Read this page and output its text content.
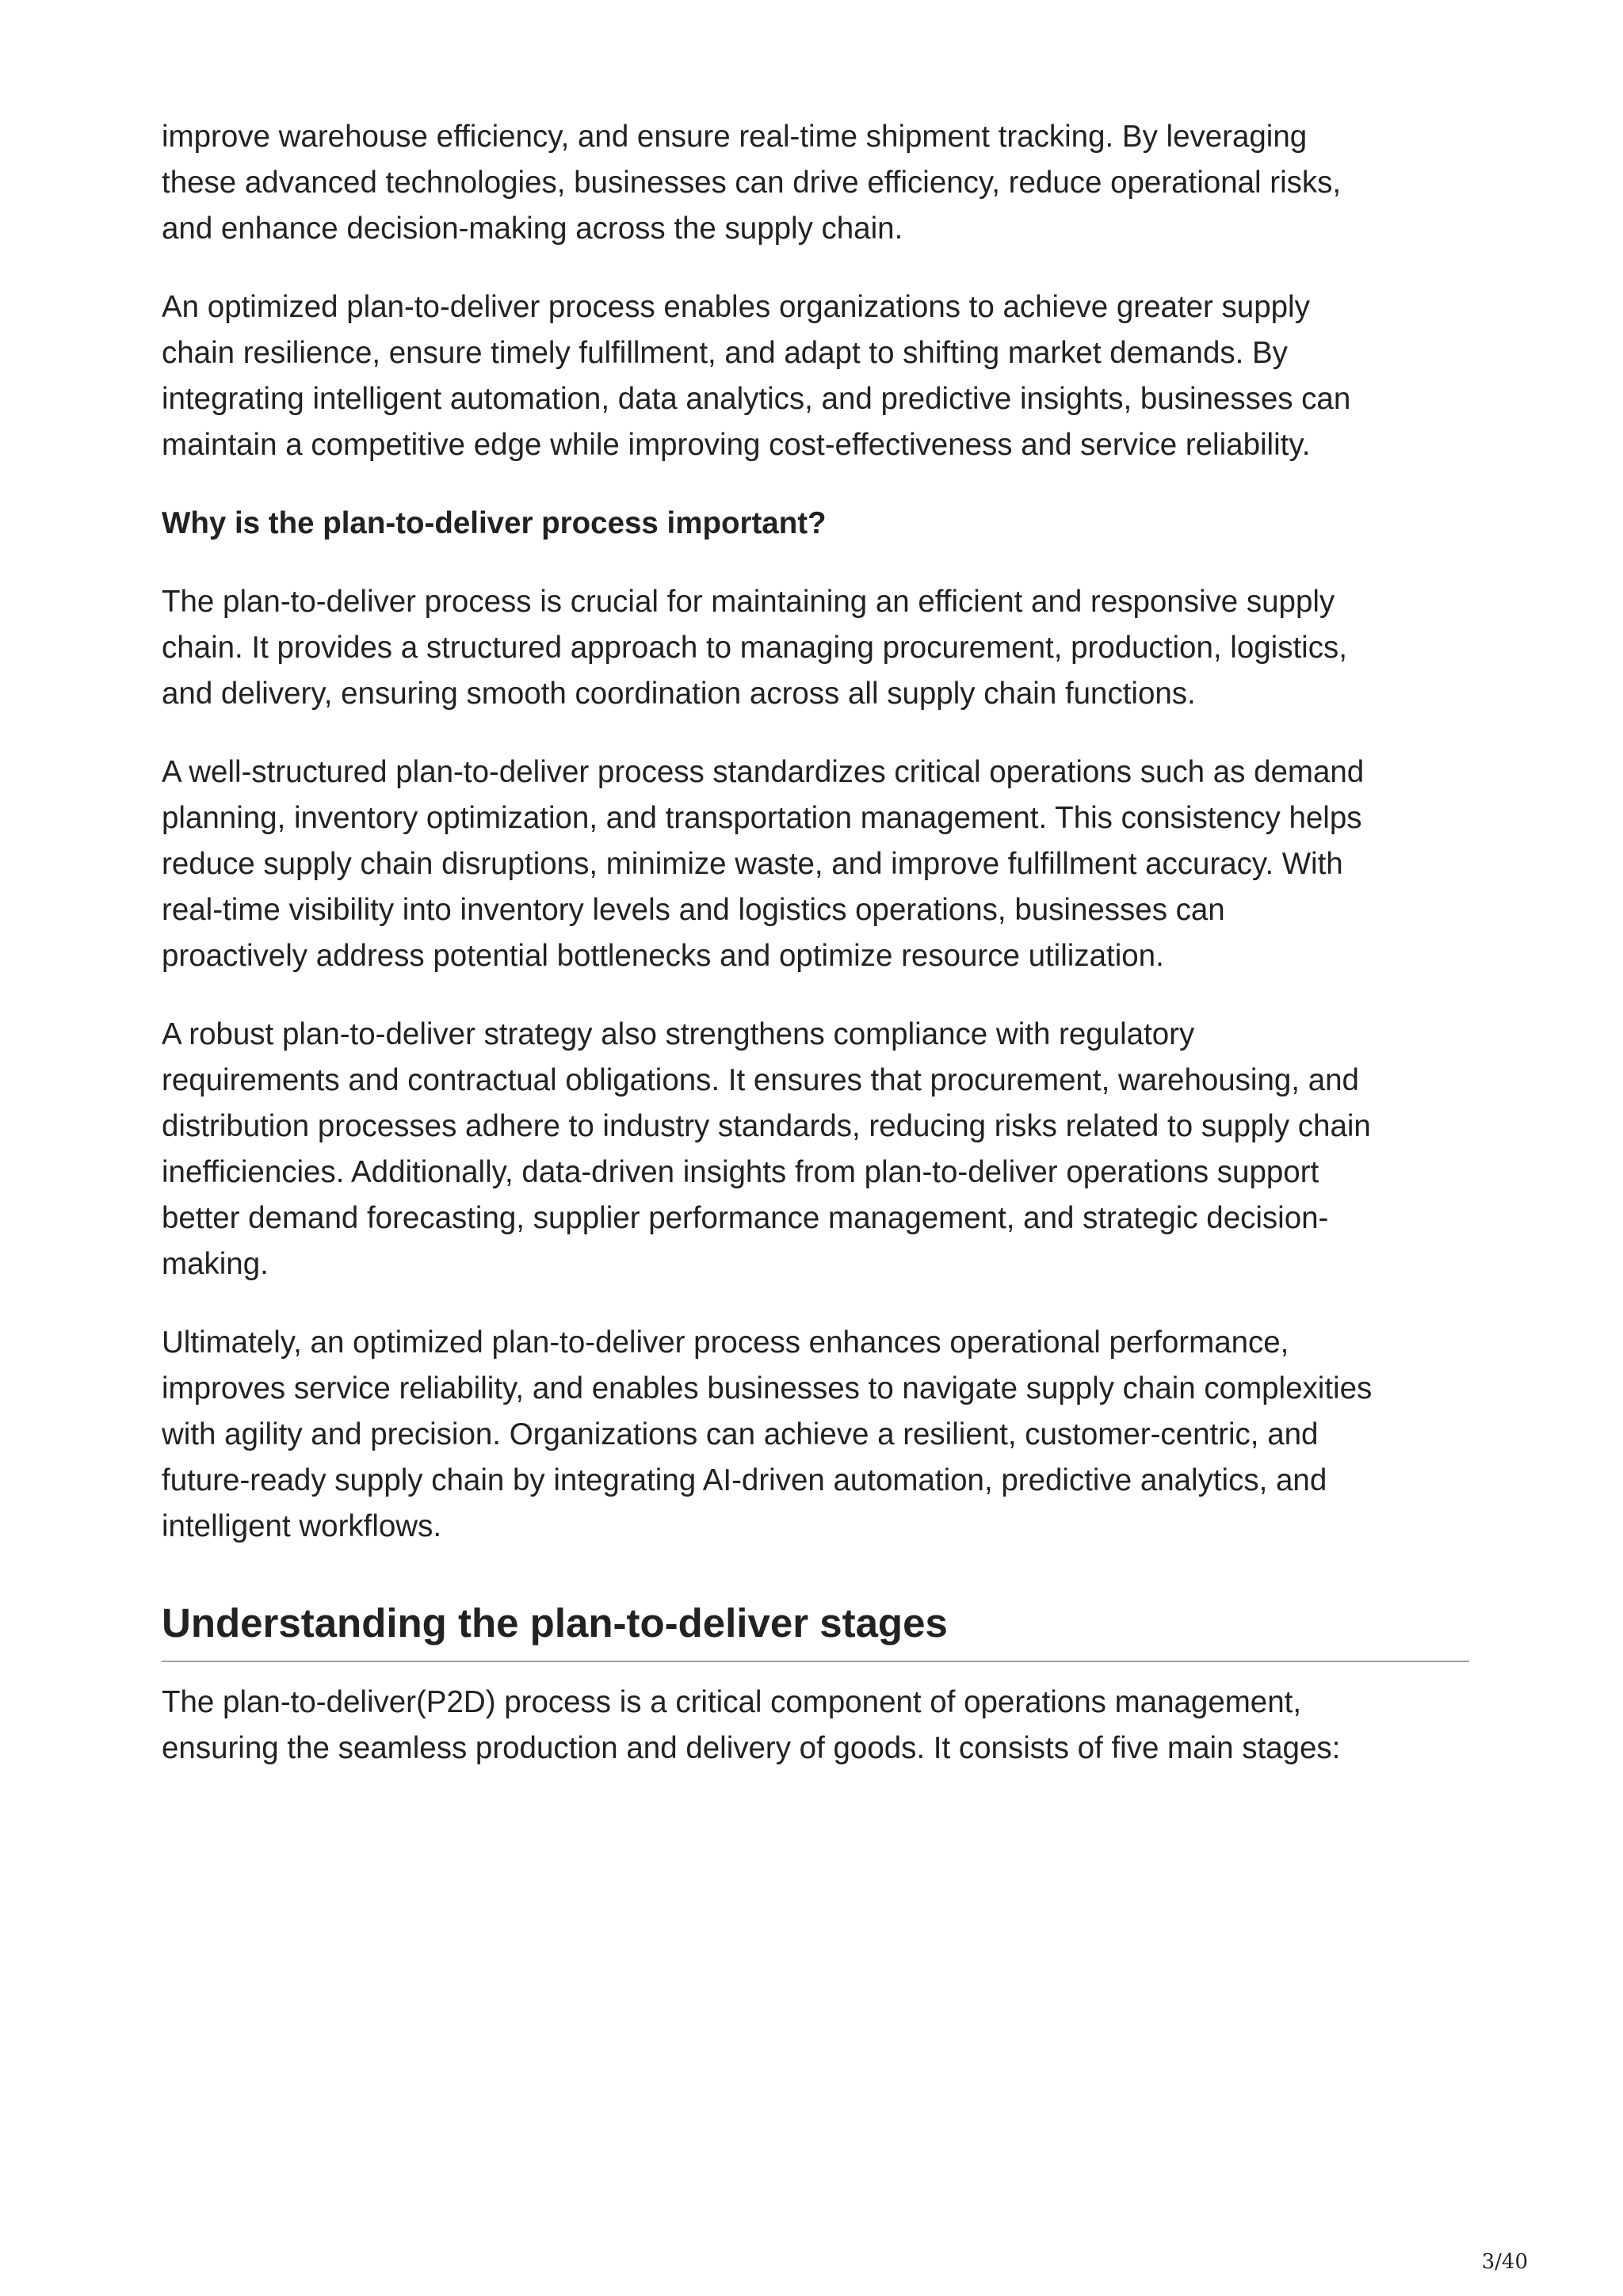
improve warehouse efficiency, and ensure real-time shipment tracking. By leveraging
these advanced technologies, businesses can drive efficiency, reduce operational risks,
and enhance decision-making across the supply chain.

An optimized plan-to-deliver process enables organizations to achieve greater supply
chain resilience, ensure timely fulfillment, and adapt to shifting market demands. By
integrating intelligent automation, data analytics, and predictive insights, businesses can
maintain a competitive edge while improving cost-effectiveness and service reliability.

Why is the plan-to-deliver process important?

The plan-to-deliver process is crucial for maintaining an efficient and responsive supply
chain. It provides a structured approach to managing procurement, production, logistics,
and delivery, ensuring smooth coordination across all supply chain functions.

A well-structured plan-to-deliver process standardizes critical operations such as demand
planning, inventory optimization, and transportation management. This consistency helps
reduce supply chain disruptions, minimize waste, and improve fulfillment accuracy. With
real-time visibility into inventory levels and logistics operations, businesses can
proactively address potential bottlenecks and optimize resource utilization.

A robust plan-to-deliver strategy also strengthens compliance with regulatory
requirements and contractual obligations. It ensures that procurement, warehousing, and
distribution processes adhere to industry standards, reducing risks related to supply chain
inefficiencies. Additionally, data-driven insights from plan-to-deliver operations support
better demand forecasting, supplier performance management, and strategic decision-
making.

Ultimately, an optimized plan-to-deliver process enhances operational performance,
improves service reliability, and enables businesses to navigate supply chain complexities
with agility and precision. Organizations can achieve a resilient, customer-centric, and
future-ready supply chain by integrating AI-driven automation, predictive analytics, and
intelligent workflows.

Understanding the plan-to-deliver stages

The plan-to-deliver(P2D) process is a critical component of operations management,
ensuring the seamless production and delivery of goods. It consists of five main stages:

3/40
